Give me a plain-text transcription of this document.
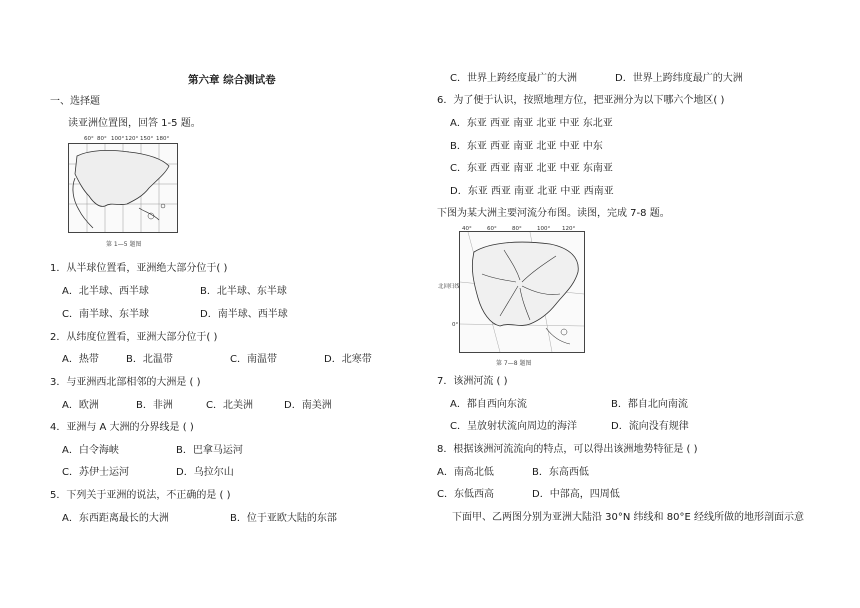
第六章 综合测试卷
一、选择题
读亚洲位置图，回答 1-5 题。
60° 80° 100° 120° 150° 180°
第 1—5 题图
1．从半球位置看，亚洲绝大部分位于( )
A．北半球、西半球	B．北半球、东半球
C．南半球、东半球	D．南半球、西半球
2．从纬度位置看，亚洲大部分位于( )
A．热带	B．北温带	C．南温带	D．北寒带
3．与亚洲西北部相邻的大洲是 ( )
A．欧洲	B．非洲	C．北美洲	D．南美洲
4．亚洲与 A 大洲的分界线是 ( )
A．白令海峡	B．巴拿马运河
C．苏伊士运河	D．乌拉尔山
5．下列关于亚洲的说法，不正确的是 ( )
A．东西距离最长的大洲	B．位于亚欧大陆的东部
C．世界上跨经度最广的大洲	D．世界上跨纬度最广的大洲
6．为了便于认识，按照地理方位，把亚洲分为以下哪六个地区( )
A．东亚 西亚 南亚 北亚 中亚 东北亚
B．东亚 西亚 南亚 北亚 中亚 中东
C．东亚 西亚 南亚 北亚 中亚 东南亚
D．东亚 西亚 南亚 北亚 中亚 西南亚
下图为某大洲主要河流分布图。读图，完成 7-8 题。
40°	60°	80°	100° 120°
北回归线
0°
第 7—8 题图
7．该洲河流 ( )
A．都自西向东流	B．都自北向南流
C．呈放射状流向周边的海洋	D．流向没有规律
8．根据该洲河流流向的特点，可以得出该洲地势特征是 ( )
A．南高北低	B．东高西低
C．东低西高	D．中部高，四周低
下面甲、乙两图分别为亚洲大陆沿 30°N 纬线和 80°E 经线所做的地形剖面示意
